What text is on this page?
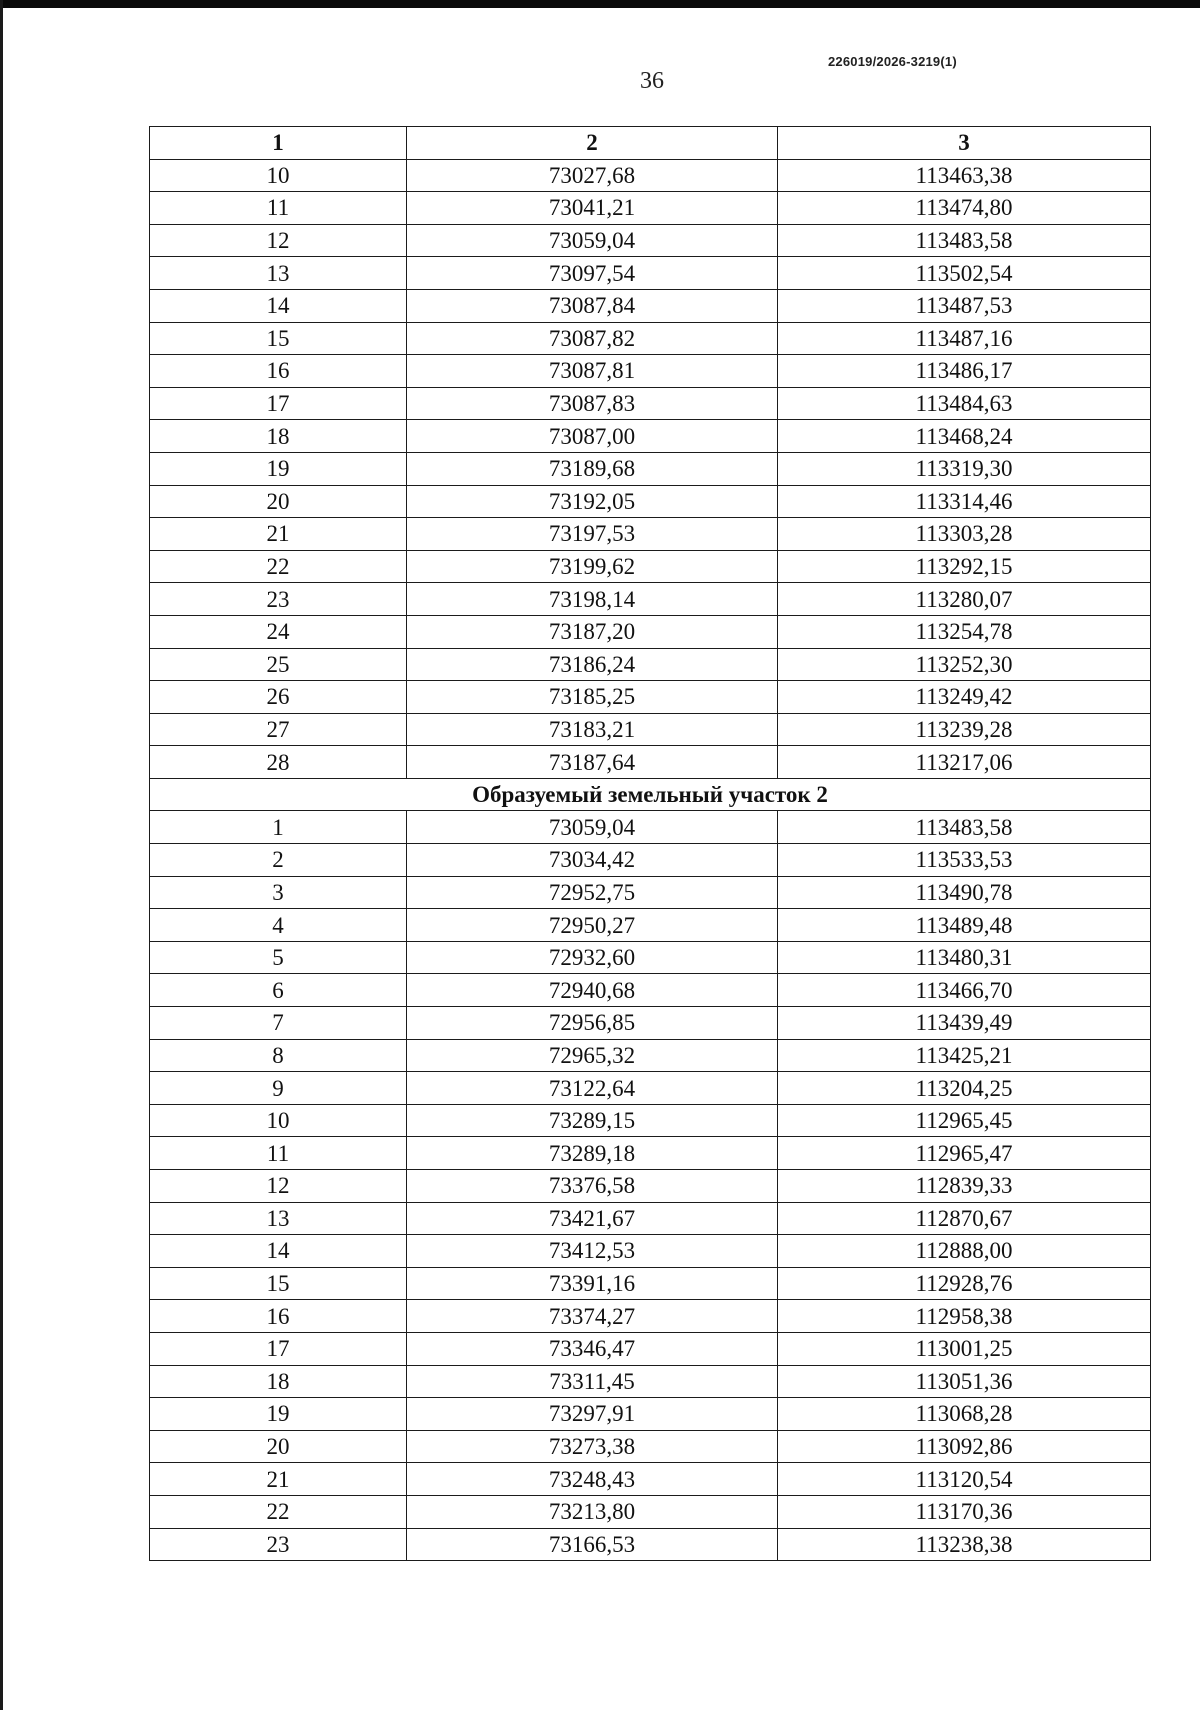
226019/2026-3219(1)
36
1	2	3
10	73027,68	113463,38
11	73041,21	113474,80
12	73059,04	113483,58
13	73097,54	113502,54
14	73087,84	113487,53
15	73087,82	113487,16
16	73087,81	113486,17
17	73087,83	113484,63
18	73087,00	113468,24
19	73189,68	113319,30
20	73192,05	113314,46
21	73197,53	113303,28
22	73199,62	113292,15
23	73198,14	113280,07
24	73187,20	113254,78
25	73186,24	113252,30
26	73185,25	113249,42
27	73183,21	113239,28
28	73187,64	113217,06
Образуемый земельный участок 2		
1	73059,04	113483,58
2	73034,42	113533,53
3	72952,75	113490,78
4	72950,27	113489,48
5	72932,60	113480,31
6	72940,68	113466,70
7	72956,85	113439,49
8	72965,32	113425,21
9	73122,64	113204,25
10	73289,15	112965,45
11	73289,18	112965,47
12	73376,58	112839,33
13	73421,67	112870,67
14	73412,53	112888,00
15	73391,16	112928,76
16	73374,27	112958,38
17	73346,47	113001,25
18	73311,45	113051,36
19	73297,91	113068,28
20	73273,38	113092,86
21	73248,43	113120,54
22	73213,80	113170,36
23	73166,53	113238,38
